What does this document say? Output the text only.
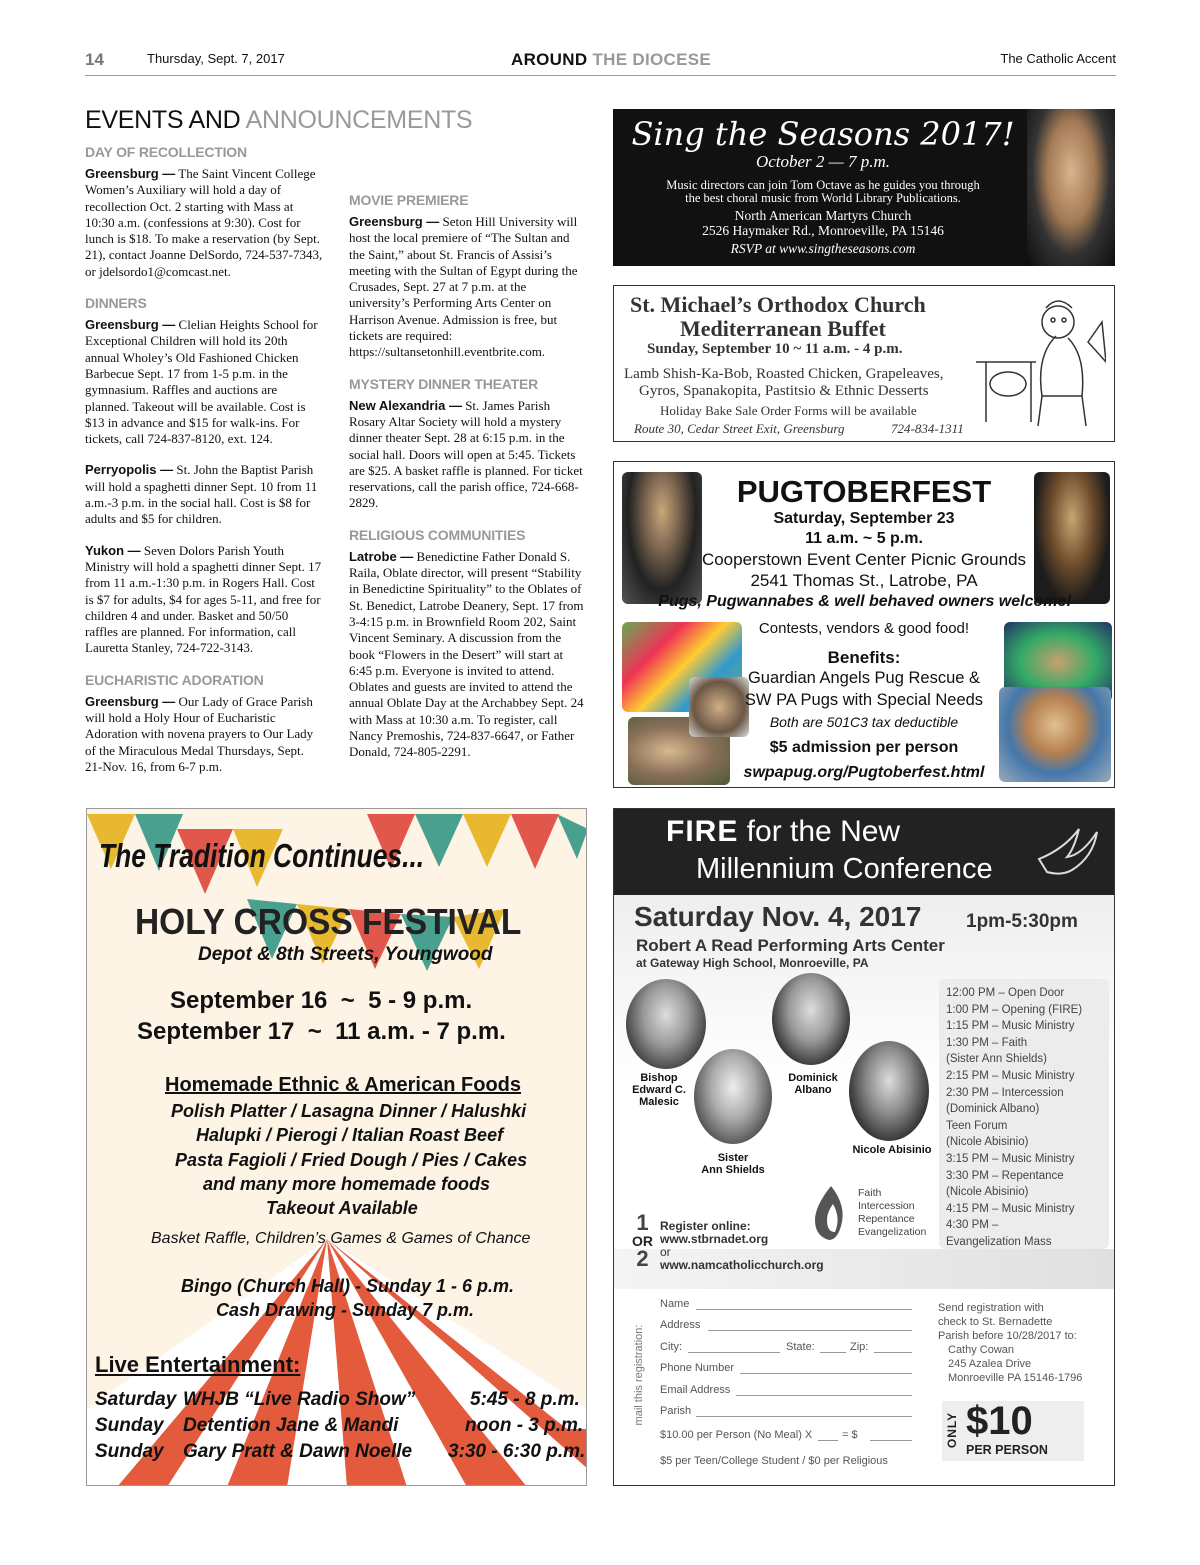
14	Thursday, Sept. 7, 2017	AROUND THE DIOCESE	The Catholic Accent
EVENTS AND ANNOUNCEMENTS
DAY OF RECOLLECTION

Greensburg — The Saint Vincent College Women’s Auxiliary will hold a day of recollection Oct. 2 starting with Mass at 10:30 a.m. (confessions at 9:30). Cost for lunch is $18. To make a reservation (by Sept. 21), contact Joanne DelSordo, 724-537-7343, or jdelsordo1@comcast.net.

DINNERS

Greensburg — Clelian Heights School for Exceptional Children will hold its 20th annual Wholey’s Old Fashioned Chicken Barbecue Sept. 17 from 1-5 p.m. in the gymnasium. Raffles and auctions are planned. Takeout will be available. Cost is $13 in advance and $15 for walk-ins. For tickets, call 724-837-8120, ext. 124.

Perryopolis — St. John the Baptist Parish will hold a spaghetti dinner Sept. 10 from 11 a.m.-3 p.m. in the social hall. Cost is $8 for adults and $5 for children.

Yukon — Seven Dolors Parish Youth Ministry will hold a spaghetti dinner Sept. 17 from 11 a.m.-1:30 p.m. in Rogers Hall. Cost is $7 for adults, $4 for ages 5-11, and free for children 4 and under. Basket and 50/50 raffles are planned. For information, call Lauretta Stanley, 724-722-3143.

EUCHARISTIC ADORATION

Greensburg — Our Lady of Grace Parish will hold a Holy Hour of Eucharistic Adoration with novena prayers to Our Lady of the Miraculous Medal Thursdays, Sept. 21-Nov. 16, from 6-7 p.m.

MOVIE PREMIERE

Greensburg — Seton Hill University will host the local premiere of “The Sultan and the Saint,” about St. Francis of Assisi’s meeting with the Sultan of Egypt during the Crusades, Sept. 27 at 7 p.m. at the university’s Performing Arts Center on Harrison Avenue. Admission is free, but tickets are required: https://sultansetonhill.eventbrite.com.

MYSTERY DINNER THEATER

New Alexandria — St. James Parish Rosary Altar Society will hold a mystery dinner theater Sept. 28 at 6:15 p.m. in the social hall. Doors will open at 5:45. Tickets are $25. A basket raffle is planned. For ticket reservations, call the parish office, 724-668-2829.

RELIGIOUS COMMUNITIES

Latrobe — Benedictine Father Donald S. Raila, Oblate director, will present “Stability in Benedictine Spirituality” to the Oblates of St. Benedict, Latrobe Deanery, Sept. 17 from 3-4:15 p.m. in Brownfield Room 202, Saint Vincent Seminary. A discussion from the book “Flowers in the Desert” will start at 6:45 p.m. Everyone is invited to attend. Oblates and guests are invited to attend the annual Oblate Day at the Archabbey Sept. 24 with Mass at 10:30 a.m. To register, call Nancy Premoshis, 724-837-6647, or Father Donald, 724-805-2291.

Sing the Seasons 2017!
October 2 — 7 p.m.
Music directors can join Tom Octave as he guides you through
the best choral music from World Library Publications.
North American Martyrs Church
2526 Haymaker Rd., Monroeville, PA 15146
RSVP at www.singtheseasons.com
St. Michael’s Orthodox Church
Mediterranean Buffet
Sunday, September 10 ~ 11 a.m. - 4 p.m.
Lamb Shish-Ka-Bob, Roasted Chicken, Grapeleaves,
Gyros, Spanakopita, Pastitsio & Ethnic Desserts
Holiday Bake Sale Order Forms will be available
Route 30, Cedar Street Exit, Greensburg	724-834-1311
PUGTOBERFEST
Saturday, September 23
11 a.m. ~ 5 p.m.
Cooperstown Event Center Picnic Grounds
2541 Thomas St., Latrobe, PA
Pugs, Pugwannabes & well behaved owners welcome!
Contests, vendors & good food!
Benefits:
Guardian Angels Pug Rescue &
SW PA Pugs with Special Needs
Both are 501C3 tax deductible
$5 admission per person
swpapug.org/Pugtoberfest.html
The Tradition Continues...
HOLY CROSS FESTIVAL
Depot & 8th Streets, Youngwood
September 16  ~  5 - 9 p.m.
September 17  ~  11 a.m. - 7 p.m.
Homemade Ethnic & American Foods
Polish Platter / Lasagna Dinner / Halushki
Halupki / Pierogi / Italian Roast Beef
Pasta Fagioli / Fried Dough / Pies / Cakes
and many more homemade foods
Takeout Available
Basket Raffle, Children’s Games & Games of Chance
Bingo (Church Hall) - Sunday 1 - 6 p.m.
Cash Drawing - Sunday 7 p.m.
Live Entertainment:
Saturday WHJB “Live Radio Show”	5:45 - 8 p.m.
Sunday Detention Jane & Mandi	noon - 3 p.m.
Sunday Gary Pratt & Dawn Noelle 3:30 - 6:30 p.m.
FIRE for the New
Millennium Conference
Saturday Nov. 4, 2017 1pm-5:30pm
Robert A Read Performing Arts Center
at Gateway High School, Monroeville, PA
Bishop
Edward C.
Malesic
Sister
Ann Shields
Dominick
Albano
Nicole Abisinio
12:00 PM – Open Door
1:00 PM – Opening (FIRE)
1:15 PM – Music Ministry
1:30 PM – Faith
(Sister Ann Shields)
2:15 PM – Music Ministry
2:30 PM – Intercession
(Dominick Albano)
Teen Forum
(Nicole Abisinio)
3:15 PM – Music Ministry
3:30 PM – Repentance
(Nicole Abisinio)
4:15 PM – Music Ministry
4:30 PM –
Evangelization Mass
Faith
Intercession
Repentance
Evangelization
1
OR
2
Register online:
www.stbrnadet.org
or
www.namcatholicchurch.org
mail this registration:
Name
Address
City:	State:	Zip:
Phone Number
Email Address
Parish
$10.00 per Person (No Meal) X	= $
$5 per Teen/College Student / $0 per Religious
Send registration with
check to St. Bernadette
Parish before 10/28/2017 to:
Cathy Cowan
245 Azalea Drive
Monroeville PA 15146-1796
ONLY $10
PER PERSON
